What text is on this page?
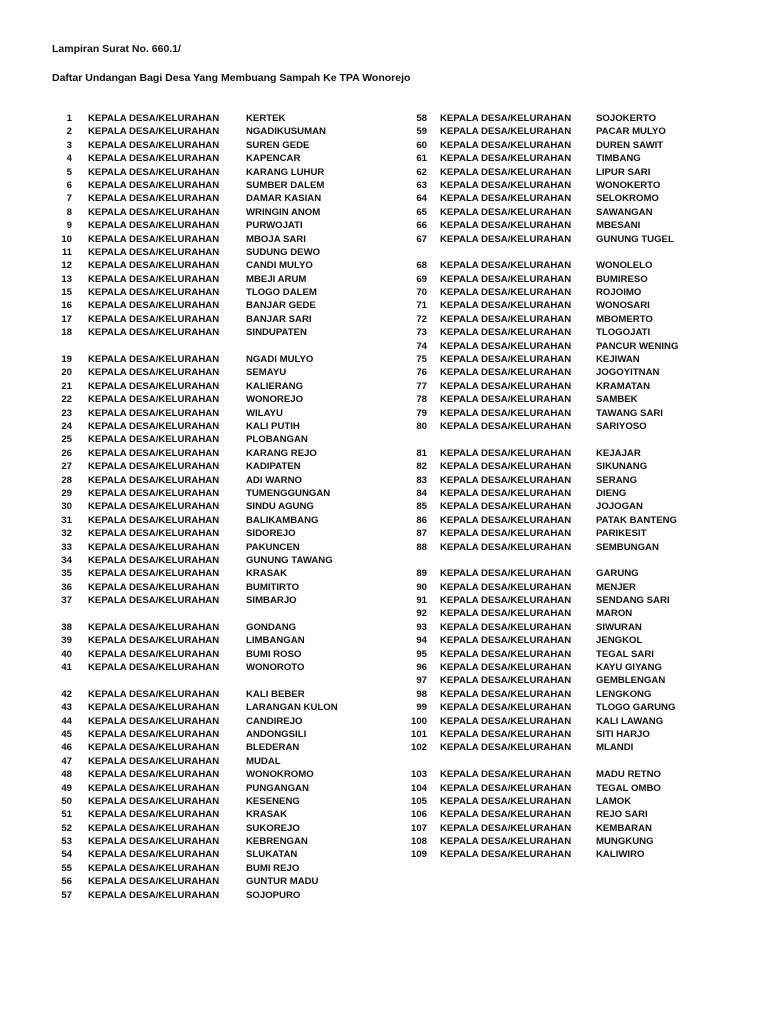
Lampiran Surat No. 660.1/
Daftar Undangan Bagi Desa Yang Membuang Sampah Ke TPA Wonorejo
1 KEPALA DESA/KELURAHAN	KERTEK
2 KEPALA DESA/KELURAHAN	NGADIKUSUMAN
3 KEPALA DESA/KELURAHAN	SUREN GEDE
4 KEPALA DESA/KELURAHAN	KAPENCAR
5 KEPALA DESA/KELURAHAN	KARANG LUHUR
6 KEPALA DESA/KELURAHAN	SUMBER DALEM
7 KEPALA DESA/KELURAHAN	DAMAR KASIAN
8 KEPALA DESA/KELURAHAN	WRINGIN ANOM
9 KEPALA DESA/KELURAHAN	PURWOJATI
10 KEPALA DESA/KELURAHAN	MBOJA SARI
11 KEPALA DESA/KELURAHAN	SUDUNG DEWO
12 KEPALA DESA/KELURAHAN	CANDI MULYO
13 KEPALA DESA/KELURAHAN	MBEJI ARUM
15 KEPALA DESA/KELURAHAN	TLOGO DALEM
16 KEPALA DESA/KELURAHAN	BANJAR GEDE
17 KEPALA DESA/KELURAHAN	BANJAR SARI
18 KEPALA DESA/KELURAHAN	SINDUPATEN
19 KEPALA DESA/KELURAHAN	NGADI MULYO
20 KEPALA DESA/KELURAHAN	SEMAYU
21 KEPALA DESA/KELURAHAN	KALIERANG
22 KEPALA DESA/KELURAHAN	WONOREJO
23 KEPALA DESA/KELURAHAN	WILAYU
24 KEPALA DESA/KELURAHAN	KALI PUTIH
25 KEPALA DESA/KELURAHAN	PLOBANGAN
26 KEPALA DESA/KELURAHAN	KARANG REJO
27 KEPALA DESA/KELURAHAN	KADIPATEN
28 KEPALA DESA/KELURAHAN	ADI WARNO
29 KEPALA DESA/KELURAHAN	TUMENGGUNGAN
30 KEPALA DESA/KELURAHAN	SINDU AGUNG
31 KEPALA DESA/KELURAHAN	BALIKAMBANG
32 KEPALA DESA/KELURAHAN	SIDOREJO
33 KEPALA DESA/KELURAHAN	PAKUNCEN
34 KEPALA DESA/KELURAHAN	GUNUNG TAWANG
35 KEPALA DESA/KELURAHAN	KRASAK
36 KEPALA DESA/KELURAHAN	BUMITIRTO
37 KEPALA DESA/KELURAHAN	SIMBARJO
38 KEPALA DESA/KELURAHAN	GONDANG
39 KEPALA DESA/KELURAHAN	LIMBANGAN
40 KEPALA DESA/KELURAHAN	BUMI ROSO
41 KEPALA DESA/KELURAHAN	WONOROTO
42 KEPALA DESA/KELURAHAN	KALI BEBER
43 KEPALA DESA/KELURAHAN	LARANGAN KULON
44 KEPALA DESA/KELURAHAN	CANDIREJO
45 KEPALA DESA/KELURAHAN	ANDONGSILI
46 KEPALA DESA/KELURAHAN	BLEDERAN
47 KEPALA DESA/KELURAHAN	MUDAL
48 KEPALA DESA/KELURAHAN	WONOKROMO
49 KEPALA DESA/KELURAHAN	PUNGANGAN
50 KEPALA DESA/KELURAHAN	KESENENG
51 KEPALA DESA/KELURAHAN	KRASAK
52 KEPALA DESA/KELURAHAN	SUKOREJO
53 KEPALA DESA/KELURAHAN	KEBRENGAN
54 KEPALA DESA/KELURAHAN	SLUKATAN
55 KEPALA DESA/KELURAHAN	BUMI REJO
56 KEPALA DESA/KELURAHAN	GUNTUR MADU
57 KEPALA DESA/KELURAHAN	SOJOPURO
58 KEPALA DESA/KELURAHAN	SOJOKERTO
59 KEPALA DESA/KELURAHAN	PACAR MULYO
60 KEPALA DESA/KELURAHAN	DUREN SAWIT
61 KEPALA DESA/KELURAHAN	TIMBANG
62 KEPALA DESA/KELURAHAN	LIPUR SARI
63 KEPALA DESA/KELURAHAN	WONOKERTO
64 KEPALA DESA/KELURAHAN	SELOKROMO
65 KEPALA DESA/KELURAHAN	SAWANGAN
66 KEPALA DESA/KELURAHAN	MBESANI
67 KEPALA DESA/KELURAHAN	GUNUNG TUGEL
68 KEPALA DESA/KELURAHAN	WONOLELO
69 KEPALA DESA/KELURAHAN	BUMIRESO
70 KEPALA DESA/KELURAHAN	ROJOIMO
71 KEPALA DESA/KELURAHAN	WONOSARI
72 KEPALA DESA/KELURAHAN	MBOMERTO
73 KEPALA DESA/KELURAHAN	TLOGOJATI
74 KEPALA DESA/KELURAHAN	PANCUR WENING
75 KEPALA DESA/KELURAHAN	KEJIWAN
76 KEPALA DESA/KELURAHAN	JOGOYITNAN
77 KEPALA DESA/KELURAHAN	KRAMATAN
78 KEPALA DESA/KELURAHAN	SAMBEK
79 KEPALA DESA/KELURAHAN	TAWANG SARI
80 KEPALA DESA/KELURAHAN	SARIYOSO
81 KEPALA DESA/KELURAHAN	KEJAJAR
82 KEPALA DESA/KELURAHAN	SIKUNANG
83 KEPALA DESA/KELURAHAN	SERANG
84 KEPALA DESA/KELURAHAN	DIENG
85 KEPALA DESA/KELURAHAN	JOJOGAN
86 KEPALA DESA/KELURAHAN	PATAK BANTENG
87 KEPALA DESA/KELURAHAN	PARIKESIT
88 KEPALA DESA/KELURAHAN	SEMBUNGAN
89 KEPALA DESA/KELURAHAN	GARUNG
90 KEPALA DESA/KELURAHAN	MENJER
91 KEPALA DESA/KELURAHAN	SENDANG SARI
92 KEPALA DESA/KELURAHAN	MARON
93 KEPALA DESA/KELURAHAN	SIWURAN
94 KEPALA DESA/KELURAHAN	JENGKOL
95 KEPALA DESA/KELURAHAN	TEGAL SARI
96 KEPALA DESA/KELURAHAN	KAYU GIYANG
97 KEPALA DESA/KELURAHAN	GEMBLENGAN
98 KEPALA DESA/KELURAHAN	LENGKONG
99 KEPALA DESA/KELURAHAN	TLOGO GARUNG
100 KEPALA DESA/KELURAHAN	KALI LAWANG
101 KEPALA DESA/KELURAHAN	SITI HARJO
102 KEPALA DESA/KELURAHAN	MLANDI
103 KEPALA DESA/KELURAHAN	MADU RETNO
104 KEPALA DESA/KELURAHAN	TEGAL OMBO
105 KEPALA DESA/KELURAHAN	LAMOK
106 KEPALA DESA/KELURAHAN	REJO SARI
107 KEPALA DESA/KELURAHAN	KEMBARAN
108 KEPALA DESA/KELURAHAN	MUNGKUNG
109 KEPALA DESA/KELURAHAN	KALIWIRO
